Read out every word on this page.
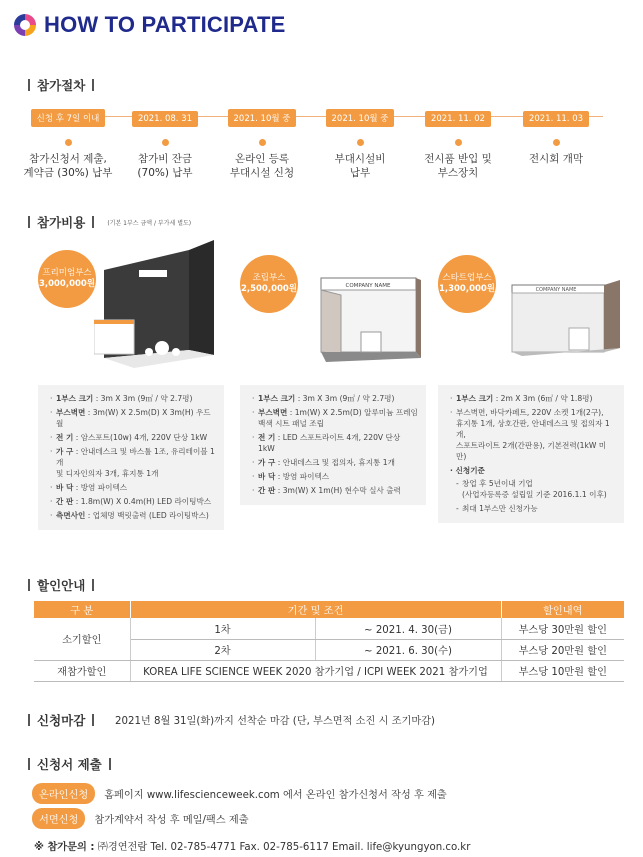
HOW TO PARTICIPATE
참가절차
신청 후 7일 이내
참가신청서 제출,
계약금 (30%) 납부
2021. 08. 31
참가비 잔금
(70%) 납부
2021. 10월 중
온라인 등록
부대시설 신청
2021. 10월 중
부대시설비
납부
2021. 11. 02
전시품 반입 및
부스장치
2021. 11. 03
전시회 개막
참가비용	(기본 1부스 금액 / 부가세 별도)
프리미엄부스
3,000,000원
· 1부스 크기 : 3m X 3m (9㎡ / 약 2.7평)
· 부스벽면 : 3m(W) X 2.5m(D) X 3m(H) 우드월
· 전 기 : 암스포트(10w) 4개, 220V 단상 1kW
· 가 구 : 안내데스크 및 바스툴 1조, 유리테이블 1개
및 디자인의자 3개, 휴지통 1개
· 바 닥 : 방염 파이텍스
· 간 판 : 1.8m(W) X 0.4m(H) LED 라이팅박스
· 측면사인 : 업체명 백릿출력 (LED 라이팅박스)
조립부스
2,500,000원	COMPANY NAME
· 1부스 크기 : 3m X 3m (9㎡ / 약 2.7평)
· 부스벽면 : 1m(W) X 2.5m(D) 알루미늄 프레임
백색 시트 패널 조립
· 전 기 : LED 스포트라이트 4개, 220V 단상 1kW
· 가 구 : 안내데스크 및 접의자, 휴지통 1개
· 바 닥 : 방염 파이텍스
· 간 판 : 3m(W) X 1m(H) 현수막 실사 출력
스타트업부스
1,300,000원	COMPANY NAME
· 1부스 크기 : 2m X 3m (6㎡ / 약 1.8평)
· 부스벽면, 바닥카페트, 220V 소켓 1개(2구),
휴지통 1개, 상호간판, 안내데스크 및 접의자 1개,
스포트라이트 2개(간판용), 기본전력(1kW 미만)
· 신청기준
- 창업 후 5년이내 기업
(사업자등록증 설립일 기준 2016.1.1 이후)
- 최대 1부스만 신청가능
할인안내
구 분	기간 및 조건		할인내역
소기할인	1차	~ 2021. 4. 30(금)	부스당 30만원 할인
	2차	~ 2021. 6. 30(수)	부스당 20만원 할인
재참가할인	KOREA LIFE SCIENCE WEEK 2020 참가기업 / ICPI WEEK 2021 참가기업		부스당 10만원 할인
신청마감	2021년 8월 31일(화)까지 선착순 마감 (단, 부스면적 소진 시 조기마감)
신청서 제출
온라인신청	홈페이지 www.lifescienceweek.com 에서 온라인 참가신청서 작성 후 제출
서면신청	참가계약서 작성 후 메일/팩스 제출
※ 참가문의 : ㈜경연전람 Tel. 02-785-4771 Fax. 02-785-6117 Email. life@kyungyon.co.kr
